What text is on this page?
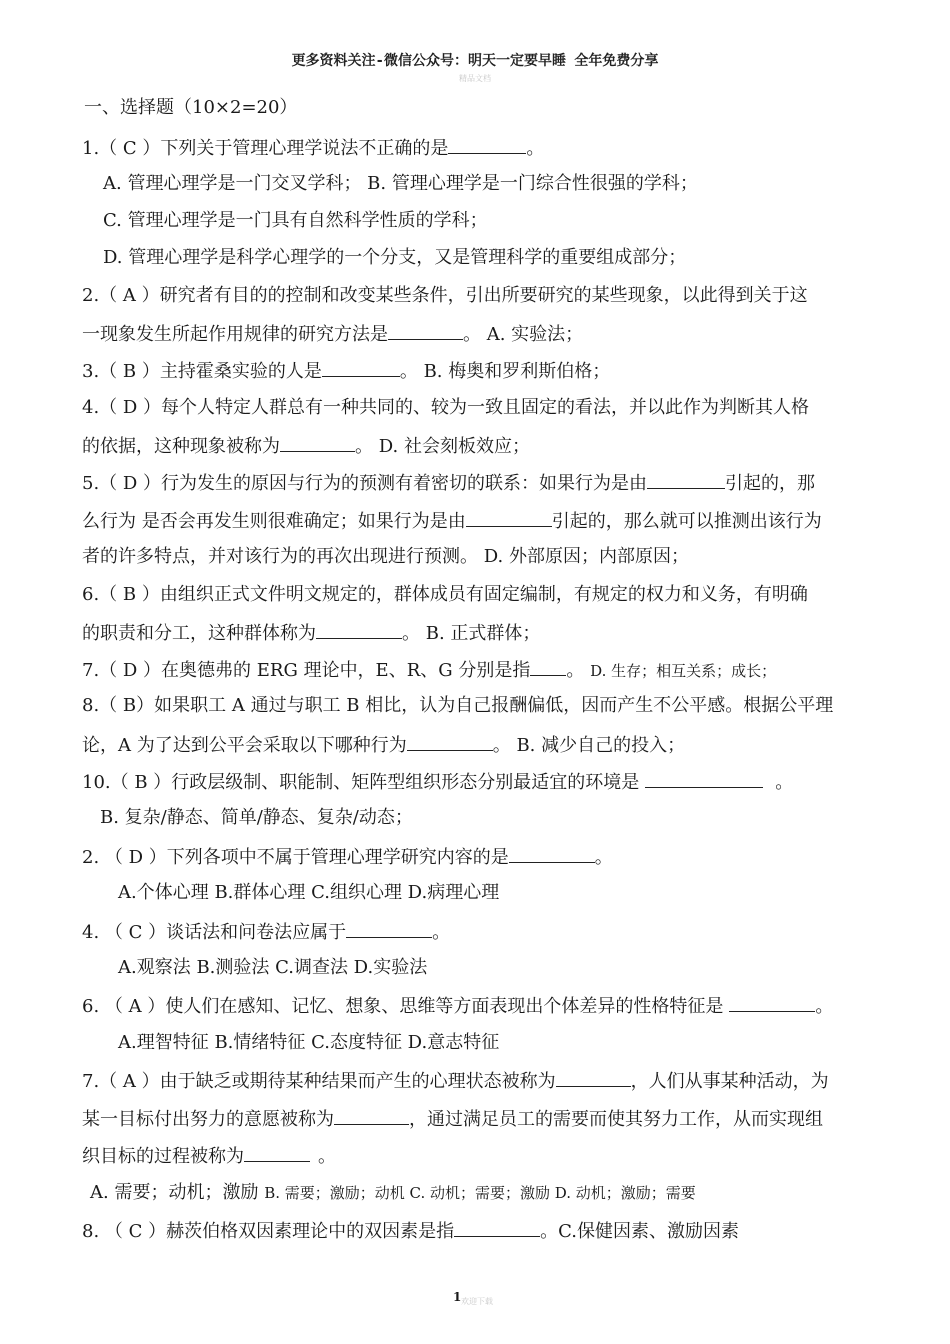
更多资料关注-微信公众号：明天一定要早睡 全年免费分享
精品文档
一、选择题（10×2=20）
1.（ C ）下列关于管理心理学说法不正确的是	。
A. 管理心理学是一门交叉学科； B. 管理心理学是一门综合性很强的学科；
C. 管理心理学是一门具有自然科学性质的学科；
D. 管理心理学是科学心理学的一个分支，又是管理科学的重要组成部分；
2.（ A ）研究者有目的的控制和改变某些条件，引出所要研究的某些现象，以此得到关于这
一现象发生所起作用规律的研究方法是	。 A. 实验法；
3.（ B ）主持霍桑实验的人是	。 B. 梅奥和罗利斯伯格；
4.（ D ）每个人特定人群总有一种共同的、较为一致且固定的看法，并以此作为判断其人格
的依据，这种现象被称为	。 D. 社会刻板效应；
5.（ D ）行为发生的原因与行为的预测有着密切的联系：如果行为是由	引起的，那
么行为 是否会再发生则很难确定；如果行为是由	引起的，那么就可以推测出该行为
者的许多特点，并对该行为的再次出现进行预测。 D. 外部原因；内部原因；
6.（ B ）由组织正式文件明文规定的，群体成员有固定编制，有规定的权力和义务，有明确
的职责和分工，这种群体称为	。 B. 正式群体；
7.（ D ）在奥德弗的 ERG 理论中，E、R、G 分别是指 。 D. 生存；相互关系；成长；
8.（ B）如果职工 A 通过与职工 B 相比，认为自己报酬偏低，因而产生不公平感。根据公平理
论，A 为了达到公平会采取以下哪种行为	。 B. 减少自己的投入；
10.（ B ）行政层级制、职能制、矩阵型组织形态分别最适宜的环境是	。
B. 复杂/静态、简单/静态、复杂/动态；
2. （ D ）下列各项中不属于管理心理学研究内容的是	。
A.个体心理 B.群体心理 C.组织心理 D.病理心理
4. （ C ）谈话法和问卷法应属于	。
A.观察法 B.测验法 C.调查法 D.实验法
6. （ A ）使人们在感知、记忆、想象、思维等方面表现出个体差异的性格特征是	。
A.理智特征 B.情绪特征 C.态度特征 D.意志特征
7.（ A ）由于缺乏或期待某种结果而产生的心理状态被称为	，人们从事某种活动，为
某一目标付出努力的意愿被称为	，通过满足员工的需要而使其努力工作，从而实现组
织目标的过程被称为	。
A. 需要；动机；激励 B. 需要；激励；动机 C. 动机；需要；激励 D. 动机；激励；需要
8. （ C ）赫茨伯格双因素理论中的双因素是指	。C.保健因素、激励因素
1 欢迎下载
